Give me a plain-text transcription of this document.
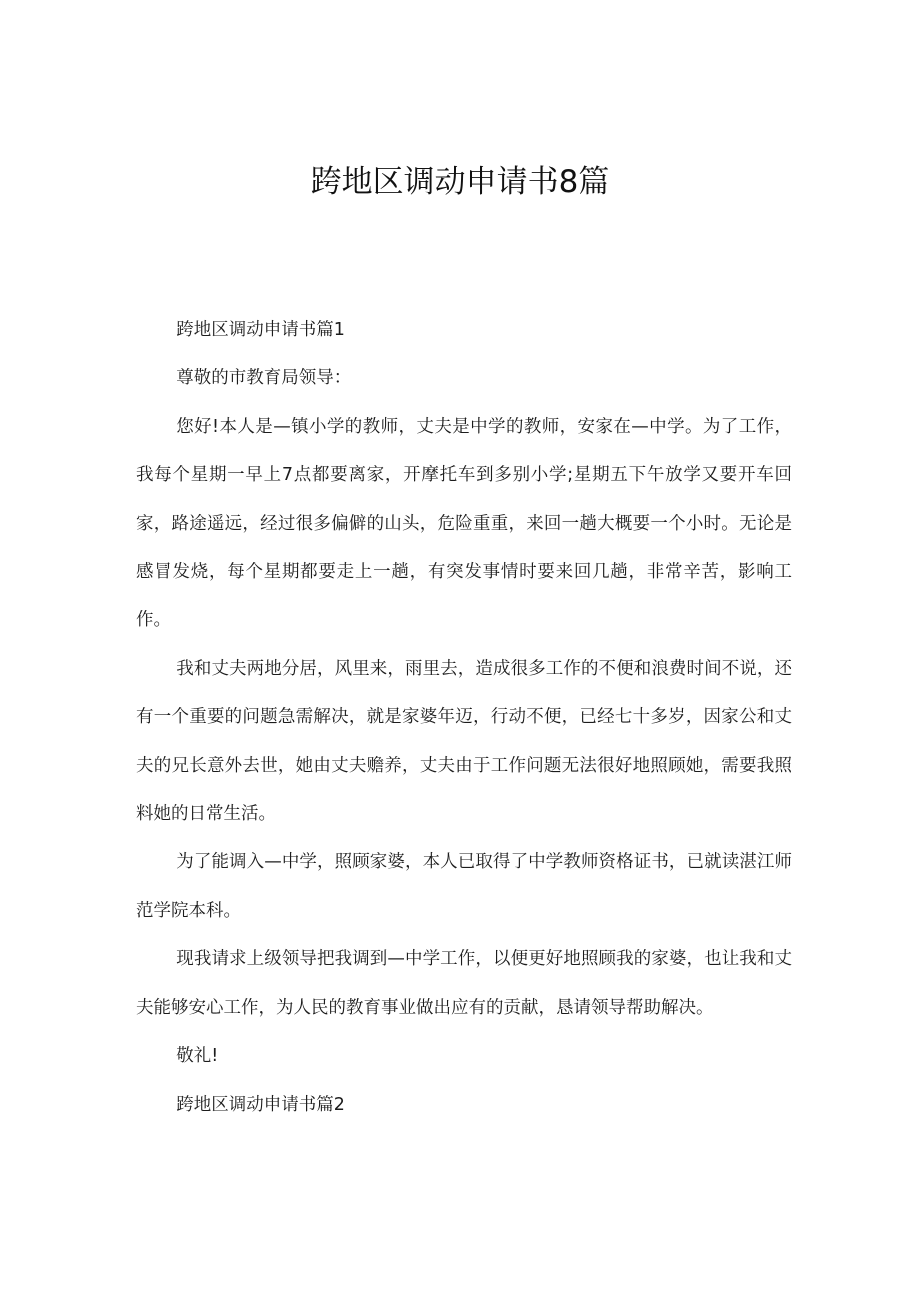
跨地区调动申请书8篇

跨地区调动申请书篇1

尊敬的市教育局领导：

您好!本人是—镇小学的教师，丈夫是中学的教师，安家在—中学。为了工作，我每个星期一早上7点都要离家，开摩托车到多别小学;星期五下午放学又要开车回家，路途遥远，经过很多偏僻的山头，危险重重，来回一趟大概要一个小时。无论是感冒发烧，每个星期都要走上一趟，有突发事情时要来回几趟，非常辛苦，影响工作。

我和丈夫两地分居，风里来，雨里去，造成很多工作的不便和浪费时间不说，还有一个重要的问题急需解决，就是家婆年迈，行动不便，已经七十多岁，因家公和丈夫的兄长意外去世，她由丈夫赡养，丈夫由于工作问题无法很好地照顾她，需要我照料她的日常生活。

为了能调入—中学，照顾家婆，本人已取得了中学教师资格证书，已就读湛江师范学院本科。

现我请求上级领导把我调到—中学工作，以便更好地照顾我的家婆，也让我和丈夫能够安心工作，为人民的教育事业做出应有的贡献，恳请领导帮助解决。

敬礼!

跨地区调动申请书篇2
